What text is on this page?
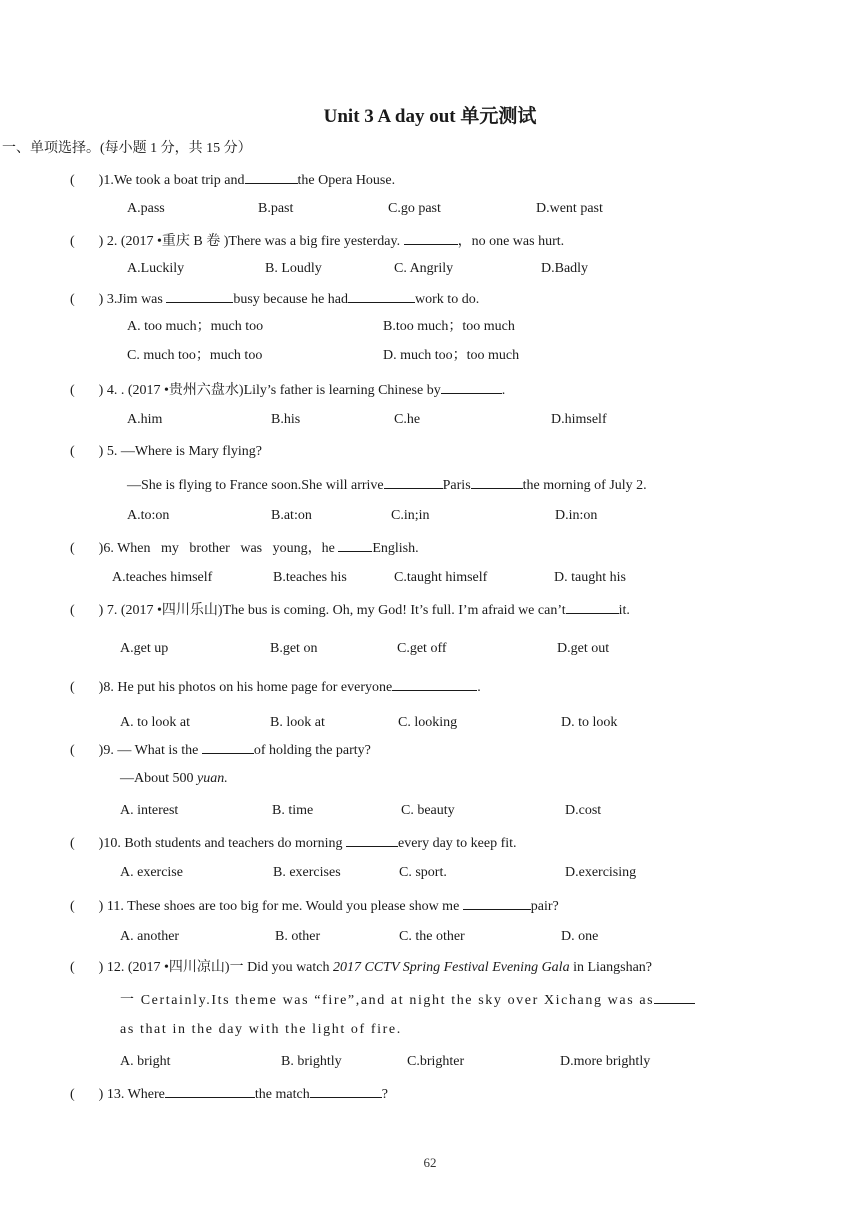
Unit 3 A day out 单元测试
一、单项选择。(每小题 1 分，共 15 分）
( )1.We took a boat trip and	the Opera House.
A.pass	B.past	C.go past	D.went past
( ) 2. (2017 •重庆 B 卷 )There was a big fire yesterday.	，no one was hurt.
A.Luckily	B. Loudly	C. Angrily	D.Badly
( ) 3.Jim was	busy because he had	work to do.
A. too much；much too	B.too much；too much
C. much too；much too	D. much too；too much
( ) 4. . (2017 •贵州六盘水)Lily’s father is learning Chinese by	.
A.him	B.his	C.he	D.himself
( ) 5. —Where is Mary flying?
—She is flying to France soon.She will arrive	Paris	the morning of July 2.
A.to:on	B.at:on	C.in;in	D.in:on
( )6. When   my   brother   was   young，he English.
A.teaches himself	B.teaches his	C.taught himself	D. taught his
( ) 7. (2017 •四川乐山)The bus is coming. Oh, my God! It’s full. I’m afraid we can’t	it.
A.get up	B.get on	C.get off	D.get out
( )8. He put his photos on his home page for everyone	.
A. to look at	B. look at	C. looking	D. to look
( )9. — What is the	of holding the party?
—About 500 yuan.
A. interest	B. time	C. beauty	D.cost
( )10. Both students and teachers do morning	every day to keep fit.
A. exercise	B. exercises	C. sport.	D.exercising
( ) 11. These shoes are too big for me. Would you please show me	pair?
A. another	B. other	C. the other	D. one
( ) 12. (2017 •四川凉山)一 Did you watch 2017 CCTV Spring Festival Evening Gala in Liangshan?
一 Certainly.Its theme was “fire”,and at night the sky over Xichang was as
as that in the day with the light of fire.
A. bright	B. brightly	C.brighter	D.more brightly
( ) 13. Where	the match	?
62
